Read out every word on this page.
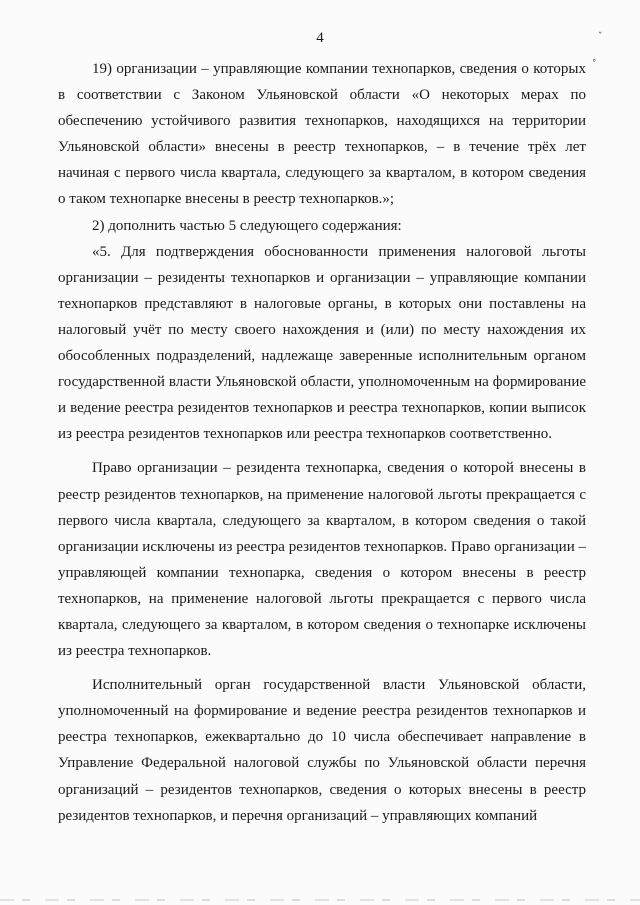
4	ˇ
˚

19) организации – управляющие компании технопарков, сведения о которых в соответствии с Законом Ульяновской области «О некоторых мерах по обеспечению устойчивого развития технопарков, находящихся на территории Ульяновской области» внесены в реестр технопарков, – в течение трёх лет начиная с первого числа квартала, следующего за кварталом, в котором сведения о таком технопарке внесены в реестр технопарков.»;

2) дополнить частью 5 следующего содержания:

«5. Для подтверждения обоснованности применения налоговой льготы организации – резиденты технопарков и организации – управляющие компании технопарков представляют в налоговые органы, в которых они поставлены на налоговый учёт по месту своего нахождения и (или) по месту нахождения их обособленных подразделений, надлежаще заверенные исполнительным органом государственной власти Ульяновской области, уполномоченным на формирование и ведение реестра резидентов технопарков и реестра технопарков, копии выписок из реестра резидентов технопарков или реестра технопарков соответственно.

Право организации – резидента технопарка, сведения о которой внесены в реестр резидентов технопарков, на применение налоговой льготы прекращается с первого числа квартала, следующего за кварталом, в котором сведения о такой организации исключены из реестра резидентов технопарков. Право организации – управляющей компании технопарка, сведения о котором внесены в реестр технопарков, на применение налоговой льготы прекращается с первого числа квартала, следующего за кварталом, в котором сведения о технопарке исключены из реестра технопарков.

Исполнительный орган государственной власти Ульяновской области, уполномоченный на формирование и ведение реестра резидентов технопарков и реестра технопарков, ежеквартально до 10 числа обеспечивает направление в Управление Федеральной налоговой службы по Ульяновской области перечня организаций – резидентов технопарков, сведения о которых внесены в реестр резидентов технопарков, и перечня организаций – управляющих компаний
